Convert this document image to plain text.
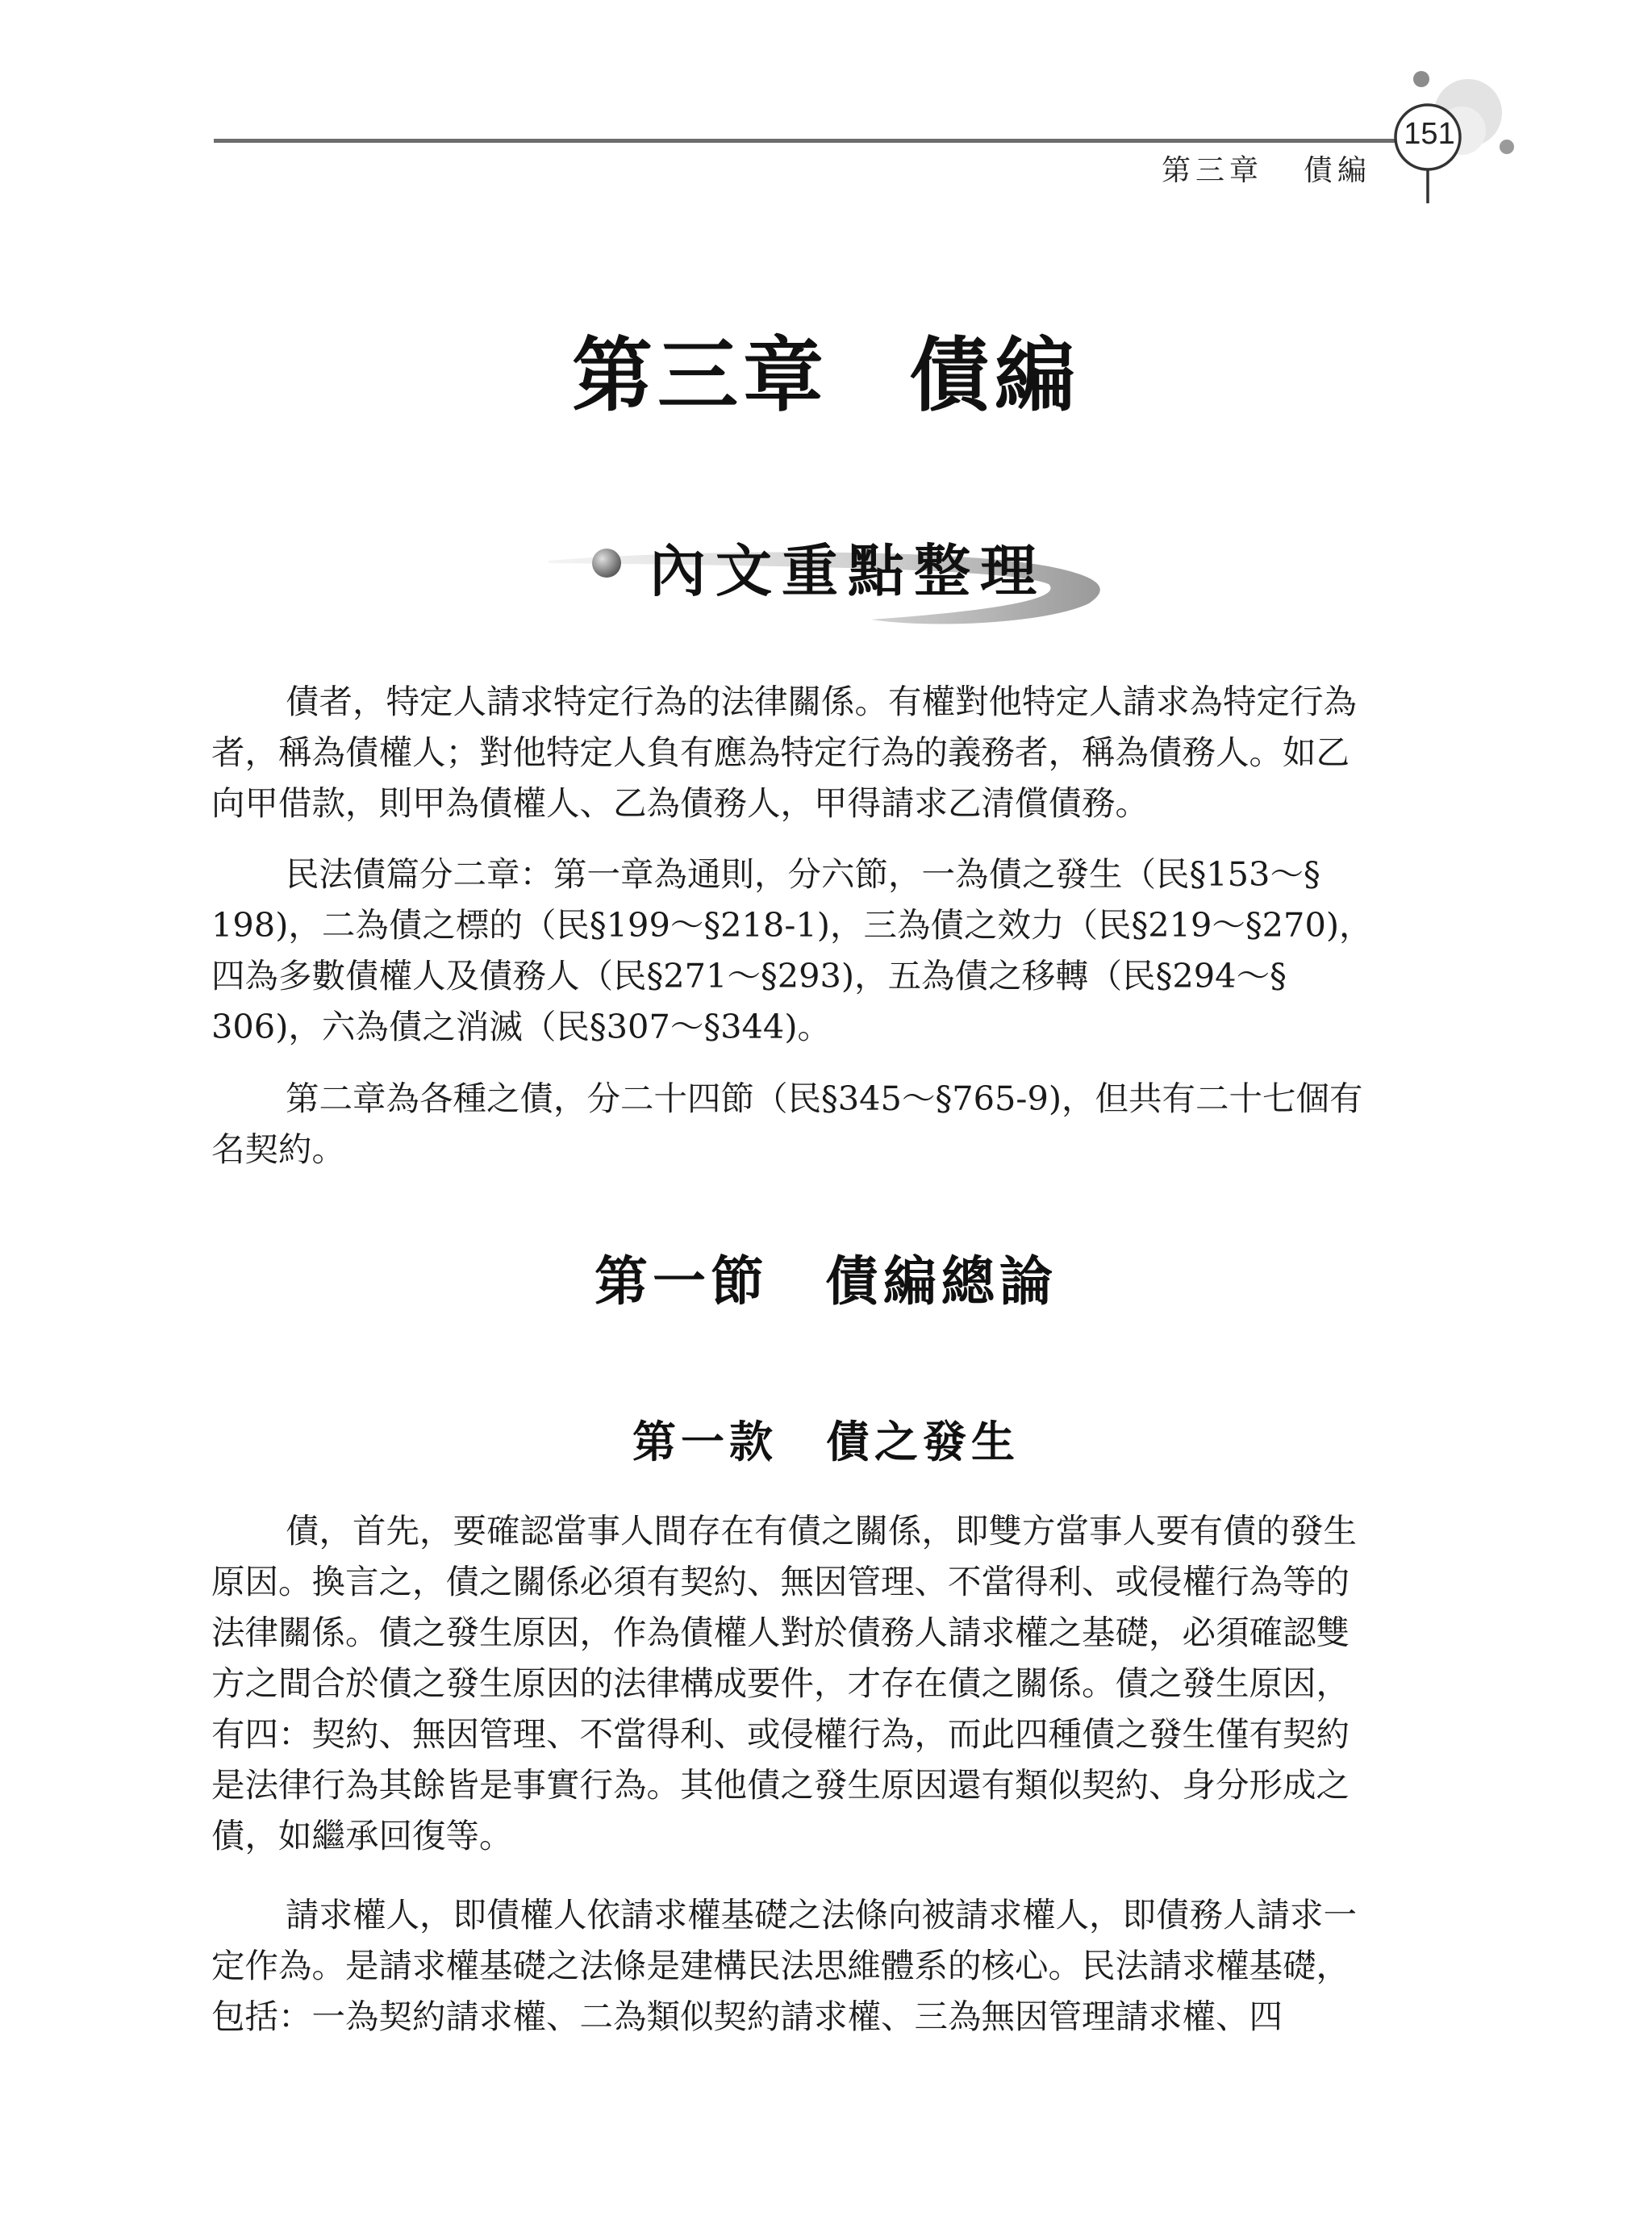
第三章 債編
151
第三章 債編
內文重點整理
債者，特定人請求特定行為的法律關係。有權對他特定人請求為特定行為
者，稱為債權人；對他特定人負有應為特定行為的義務者，稱為債務人。如乙
向甲借款，則甲為債權人、乙為債務人，甲得請求乙清償債務。
民法債篇分二章：第一章為通則，分六節，一為債之發生（民§153～§
198)，二為債之標的（民§199～§218-1)，三為債之效力（民§219～§270)，
四為多數債權人及債務人（民§271～§293)，五為債之移轉（民§294～§
306)，六為債之消滅（民§307～§344)。
第二章為各種之債，分二十四節（民§345～§765-9)，但共有二十七個有
名契約。
第一節 債編總論
第一款 債之發生
債，首先，要確認當事人間存在有債之關係，即雙方當事人要有債的發生
原因。換言之，債之關係必須有契約、無因管理、不當得利、或侵權行為等的
法律關係。債之發生原因，作為債權人對於債務人請求權之基礎，必須確認雙
方之間合於債之發生原因的法律構成要件，才存在債之關係。債之發生原因，
有四：契約、無因管理、不當得利、或侵權行為，而此四種債之發生僅有契約
是法律行為其餘皆是事實行為。其他債之發生原因還有類似契約、身分形成之
債，如繼承回復等。
請求權人，即債權人依請求權基礎之法條向被請求權人，即債務人請求一
定作為。是請求權基礎之法條是建構民法思維體系的核心。民法請求權基礎，
包括：一為契約請求權、二為類似契約請求權、三為無因管理請求權、四
